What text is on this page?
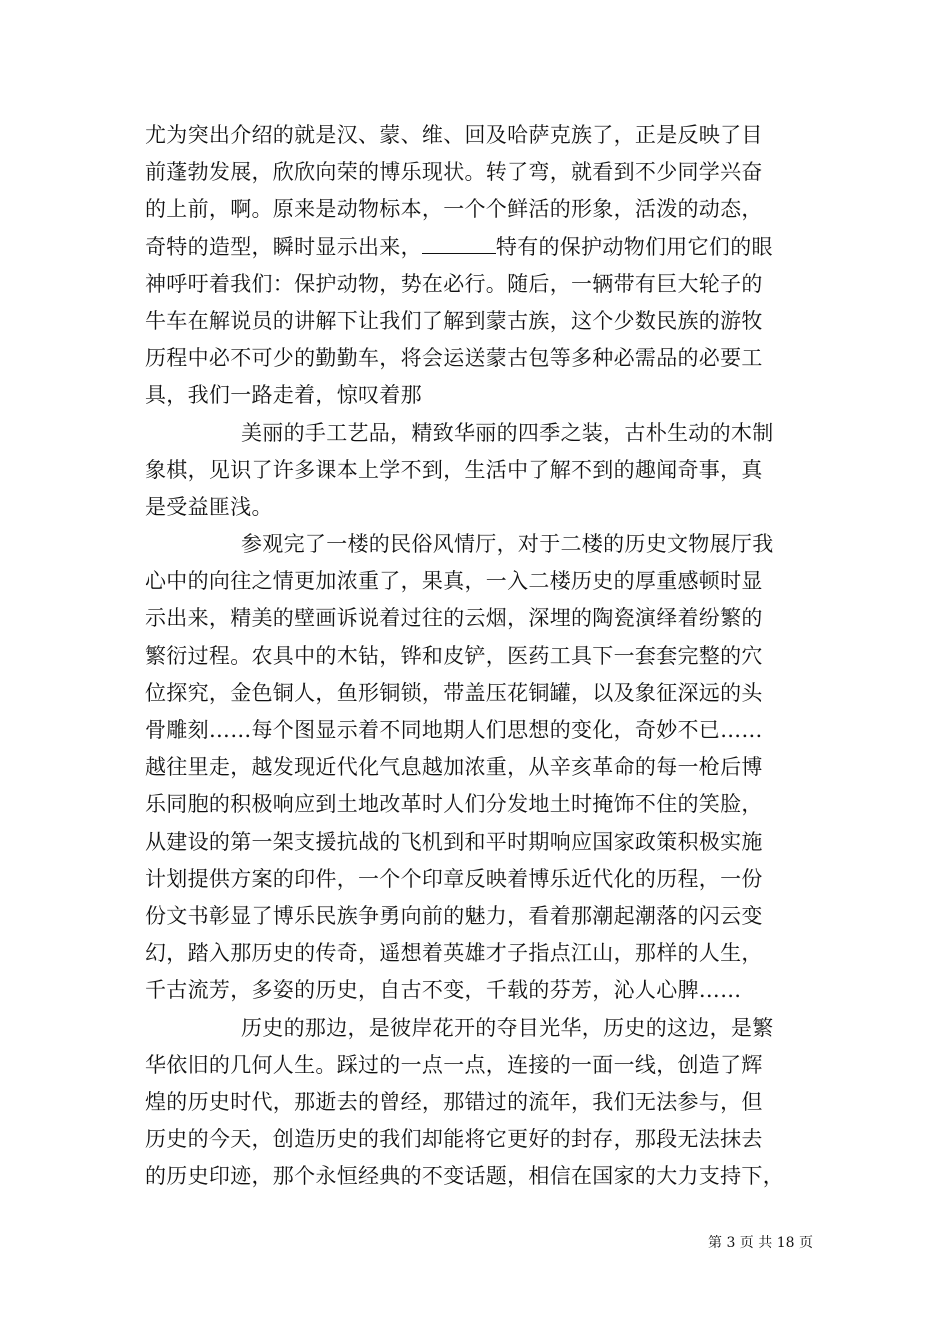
尤为突出介绍的就是汉、蒙、维、回及哈萨克族了，正是反映了目
前蓬勃发展，欣欣向荣的博乐现状。转了弯，就看到不少同学兴奋
的上前，啊。原来是动物标本，一个个鲜活的形象，活泼的动态，
奇特的造型，瞬时显示出来，	特有的保护动物们用它们的眼
神呼吁着我们：保护动物，势在必行。随后，一辆带有巨大轮子的
牛车在解说员的讲解下让我们了解到蒙古族，这个少数民族的游牧
历程中必不可少的勤勤车，将会运送蒙古包等多种必需品的必要工
具，我们一路走着，惊叹着那
美丽的手工艺品，精致华丽的四季之装，古朴生动的木制
象棋，见识了许多课本上学不到，生活中了解不到的趣闻奇事，真
是受益匪浅。
参观完了一楼的民俗风情厅，对于二楼的历史文物展厅我
心中的向往之情更加浓重了，果真，一入二楼历史的厚重感顿时显
示出来，精美的壁画诉说着过往的云烟，深埋的陶瓷演绎着纷繁的
繁衍过程。农具中的木钻，铧和皮铲，医药工具下一套套完整的穴
位探究，金色铜人，鱼形铜锁，带盖压花铜罐，以及象征深远的头
骨雕刻……每个图显示着不同地期人们思想的变化，奇妙不已……
越往里走，越发现近代化气息越加浓重，从辛亥革命的每一枪后博
乐同胞的积极响应到土地改革时人们分发地土时掩饰不住的笑脸，
从建设的第一架支援抗战的飞机到和平时期响应国家政策积极实施
计划提供方案的印件，一个个印章反映着博乐近代化的历程，一份
份文书彰显了博乐民族争勇向前的魅力，看着那潮起潮落的闪云变
幻，踏入那历史的传奇，遥想着英雄才子指点江山，那样的人生，
千古流芳，多姿的历史，自古不变，千载的芬芳，沁人心脾……
历史的那边，是彼岸花开的夺目光华，历史的这边，是繁
华依旧的几何人生。踩过的一点一点，连接的一面一线，创造了辉
煌的历史时代，那逝去的曾经，那错过的流年，我们无法参与，但
历史的今天，创造历史的我们却能将它更好的封存，那段无法抹去
的历史印迹，那个永恒经典的不变话题，相信在国家的大力支持下，
第 3 页 共 18 页
